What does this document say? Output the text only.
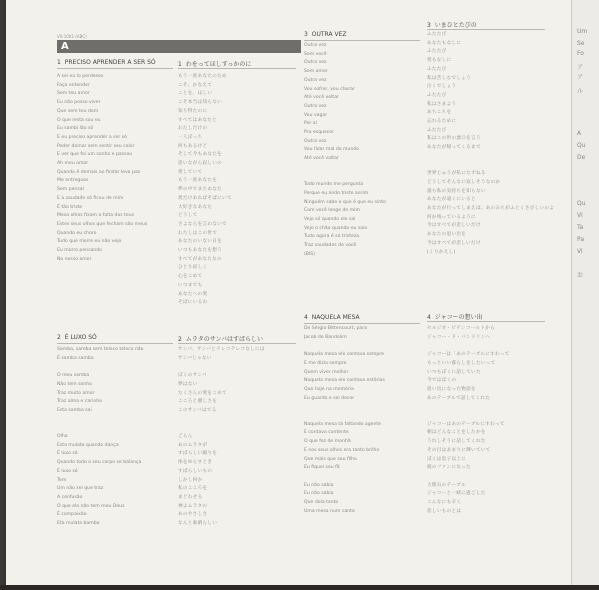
VX-1001-(ABC)
A
1 PRECISO APRENDER A SER SÓ
A sei eu lo perdesse
Faça entender
Sem teu amor
Eu não posso viver
Que sem teu dom
O que resta sou eu
Eu sambi lão só
E eu preciso aprender a ser só
Poder domar sem sentir seu calor
E ver que foi um sonho e passou
Ah meu amor
Quando é demais ao findar leva paz
Me entregues
Sem pensar
E a saudade só ficou de mim
É tão triste
Mesa olhos fixam a falta dos teus
Estes seus olhos que fecham são meus
Quando eu choro
Tudo que morre eu não vejo
Eu morro pensando
No nosso amor
1 わをってほしすっかのに
もう一度あなたのため
こそ、かなえて
ことを、ほしい
こそ本当は知らない
知り得たのに
すべてはあなたと
わたしだけの
一人ぼっち
何もあるけど
そして今もあなたを
思いながら寂しいの
愛していて
もう一度あなたを
夢の中でまたあなた
愛だけあればそばにいて
大好きなあなた
どうして
さよならを言わないで
わたしはこの世で
あなたのいない日を
いつもあなたを想う
すべてがあなたなの
ひとり寂しく
心をこめて
いつまでも
あなたへの愛
そばにいるわ
2 É LUXO SÓ
Samba, samba sem teleco teleco não
É samba samba

O meu samba
Não tem sonho
Traz muito amor
Traz alma e carinho
Esta samba sai

Olha
Esta mulata quando dança
É luxo só
Quando todo o seu corpo se balança
É luxo só
Tem
Um não sei que traz
A confusão
O que ela não tem meu Deus
É compaixão
Eta mulata bamba
2 ムラタのサンバはすばらしい
サンバ、サンバとテレコテレコなしには
サンバじゃない

ぼくのサンバ
夢はない
たくさんの愛をこめて
こころと優しさを
このサンバはでる

ごらん
あのムラタが
すばらしい踊りを
体をゆらすとき
すばらしいもの
しかし何か
私のこころを
まどわせる
神よムラタの
あのやさしさ
なんと素晴らしい
3 OUTRA VEZ
Outra vez
Sem você
Outra vez
Sem amor
Outra vez
Vou sofrer, vou chorar
Até você voltar
Outra vez
Vou vagar
Por aí
Pra esquecer
Outra vez
Vou falar mal do mundo
Até você voltar

Todo mundo me pergunta
Porque eu ando triste assim
Ninguém sabe o que é que eu sinto
Com você longe de mim
Vejo só quando ele sai
Vejo o chão quando eu saio
Tudo agora é só tristeza
Traz saudades de você
(BIS)
3 いまひとたびの
ふたたび
あなたもなしに
ふたたび
愛もなしに
ふたたび
私は苦しむでしょう
泣くでしょう
ふたたび
私はさまよう
あちこちを
忘れるために
ふたたび
私はこの世の悪口を言う
あなたが帰ってくるまで

世界じゅうが私にたずねる
どうしてそんなに寂しそうなのか
誰も私の気持ちを知らない
あなたが遠くにいると
あなたが行ってしまえば、あのみちがふとくさびしいのよ
何か残っているように
今はすべてが悲しいだけ
あなたの思い出を
今はすべてが悲しいだけ
(くりかえし)
4 NAQUELA MESA
De Sérgio Bittencourt, para
Jacob do Bandolim

Naquela mesa ele contava sempre
E me dizia sempre
Quem viver melhor
Naquela mesa ele contava estórias
Que hoje na memória
Eu guardo e sei decor

Naquela mesa tá faltando agente
E contava contente
O que fez de manhã
E nos seus olhos era tanto brilho
Que mais que seu filho
Eu fiquei seu fã

Eu não sabia
Eu não sabia
Que doía tanto
Uma mesa num canto
4 ジャコーの想い出
セルジオ・ビテンコールトから
ジャコー・ド・バンドリンへ

ジャコーは「あのテーブルにすわって
もっといい暮らしをしたいって
いつもぼくに話していた
今ではぼくの
思い出になった物語を
あのテーブルで話してくれた

ジャコーはあのテーブルにすわって
朝はどんなことをしたかを
うれしそうに話してくれた
その目はあまりに輝いていて
ぼくは息子以上に
彼のファンになった

大理石のテーブル
ジャコーと一緒に過ごした
こんなにも辛く
悲しいものとは
Um
Se
Fo
ア
ア
ル
A
Qu
De
Qu
Vi
Ta
Pa
Vi
お
